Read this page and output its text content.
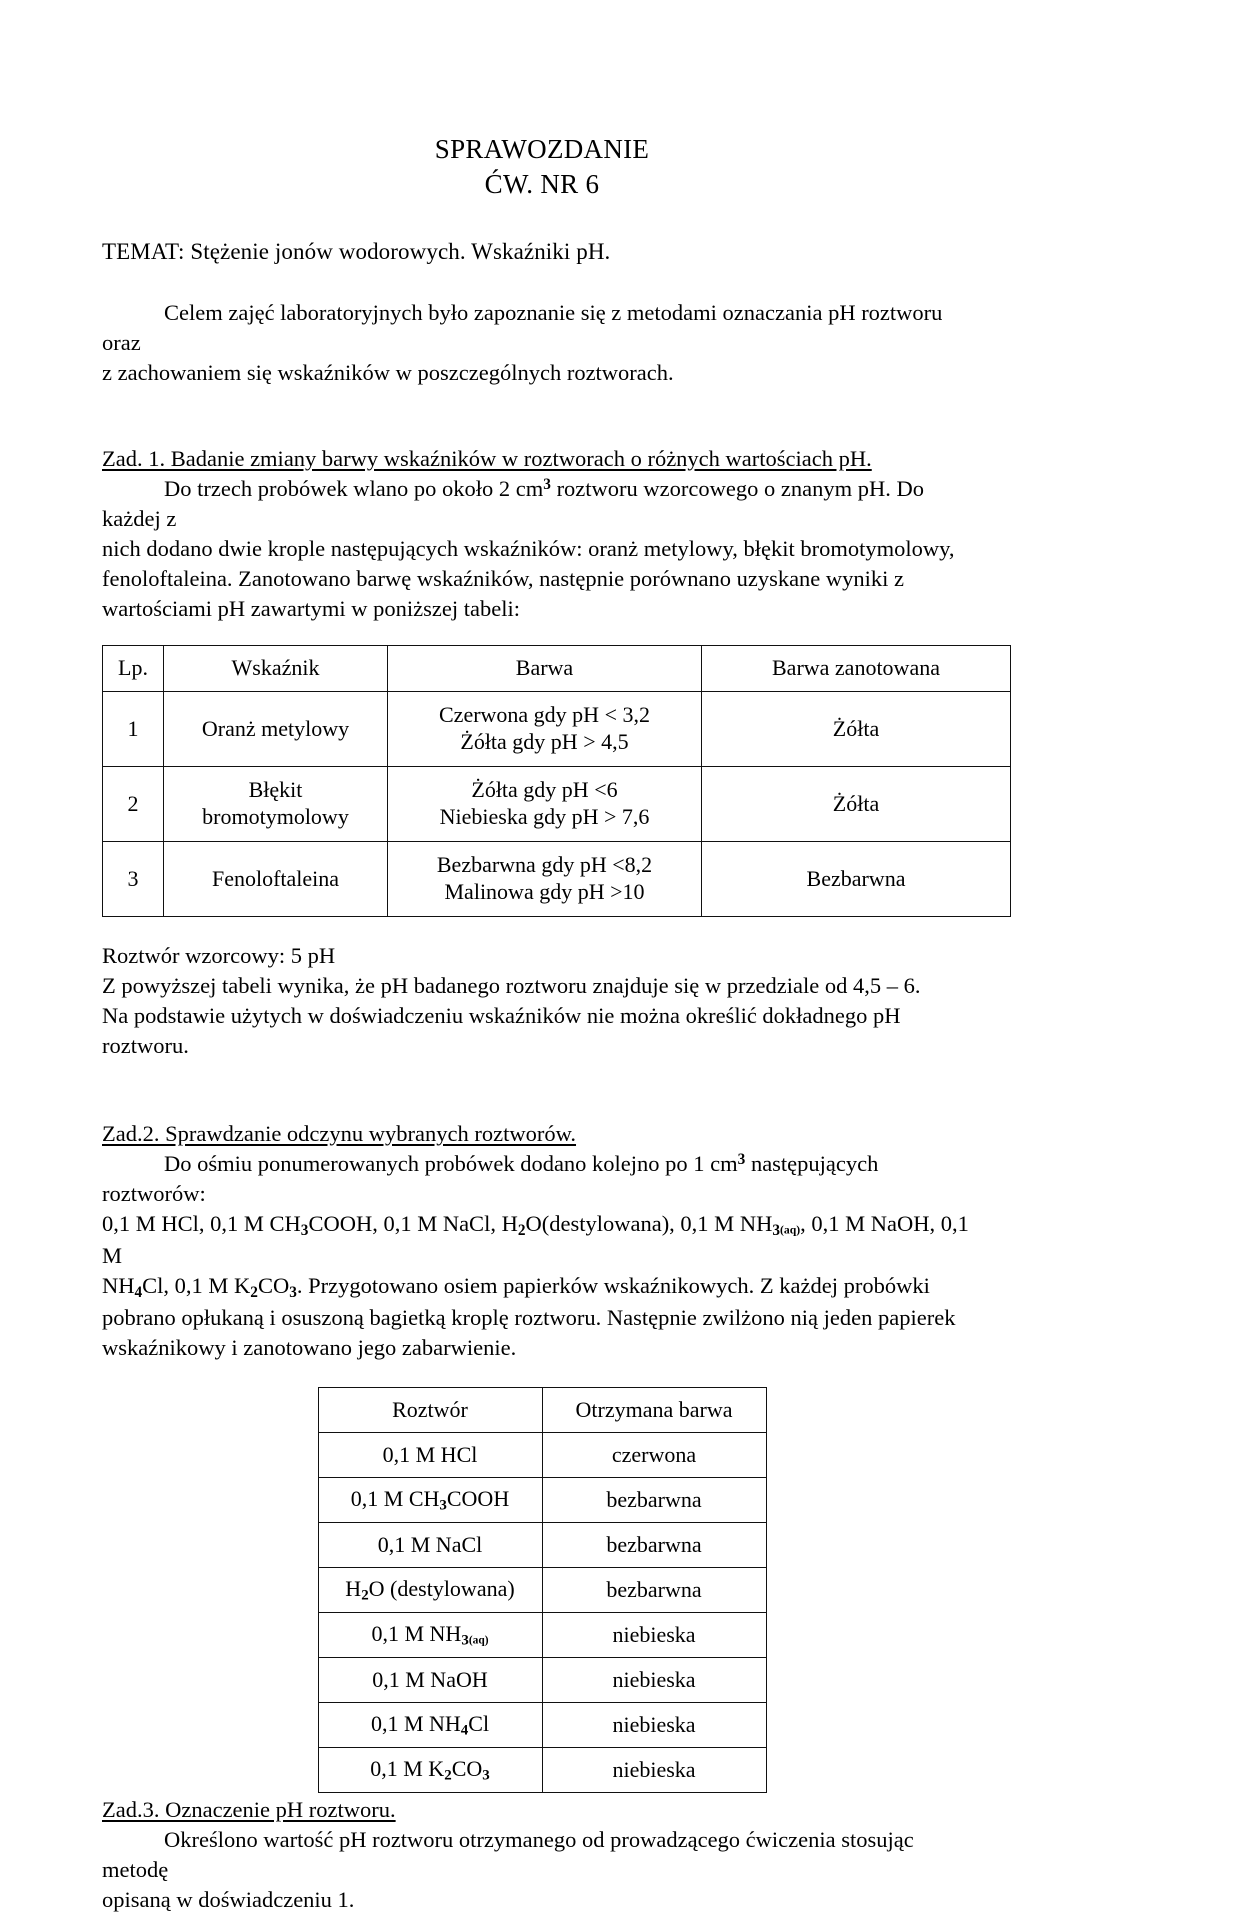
SPRAWOZDANIE
ĆW. NR 6
TEMAT: Stężenie jonów wodorowych. Wskaźniki pH.
Celem zajęć laboratoryjnych było zapoznanie się z metodami oznaczania pH roztworu oraz
z zachowaniem się wskaźników w poszczególnych roztworach.
Zad. 1. Badanie zmiany barwy wskaźników w roztworach o różnych wartościach pH.
Do trzech probówek wlano po około 2 $cm^3$ roztworu wzorcowego o znanym pH. Do każdej z
nich dodano dwie krople następujących wskaźników: oranż metylowy, błękit bromotymolowy,
fenoloftaleina. Zanotowano barwę wskaźników, następnie porównano uzyskane wyniki z
wartościami pH zawartymi w poniższej tabeli:
Lp.	Wskaźnik	Barwa	Barwa zanotowana
1	Oranż metylowy	Czerwona gdy pH < 3,2
Żółta gdy pH > 4,5	Żółta
2	Błękit
bromotymolowy	Żółta gdy pH <6
Niebieska gdy pH > 7,6	Żółta
3	Fenoloftaleina	Bezbarwna gdy pH <8,2
Malinowa gdy pH >10	Bezbarwna
Roztwór wzorcowy: 5 pH
Z powyższej tabeli wynika, że pH badanego roztworu znajduje się w przedziale od 4,5 – 6.
Na podstawie użytych w doświadczeniu wskaźników nie można określić dokładnego pH roztworu.
Zad.2. Sprawdzanie odczynu wybranych roztworów.
Do ośmiu ponumerowanych probówek dodano kolejno po 1 $cm^3$ następujących roztworów:
0,1 M HCl, 0,1 M $CH_3COOH$, 0,1 M NaCl, $H_2O(destylowana)$, 0,1 M $NH_{3(aq)}$, 0,1 M NaOH, 0,1 M
$NH_4Cl$, 0,1 M $K_2CO_3$. Przygotowano osiem papierków wskaźnikowych. Z każdej probówki
pobrano opłukaną i osuszoną bagietką kroplę roztworu. Następnie zwilżono nią jeden papierek
wskaźnikowy i zanotowano jego zabarwienie.
Roztwór	Otrzymana barwa
0,1 M HCl	czerwona
0,1 M $CH_3COOH$	bezbarwna
0,1 M NaCl	bezbarwna
$H_2O$ (destylowana)	bezbarwna
0,1 M $NH_{3(aq)}$	niebieska
0,1 M NaOH	niebieska
0,1 M $NH_4Cl$	niebieska
0,1 M $K_2CO_3$	niebieska
Zad.3. Oznaczenie pH roztworu.
Określono wartość pH roztworu otrzymanego od prowadzącego ćwiczenia stosując metodę
opisaną w doświadczeniu 1.
